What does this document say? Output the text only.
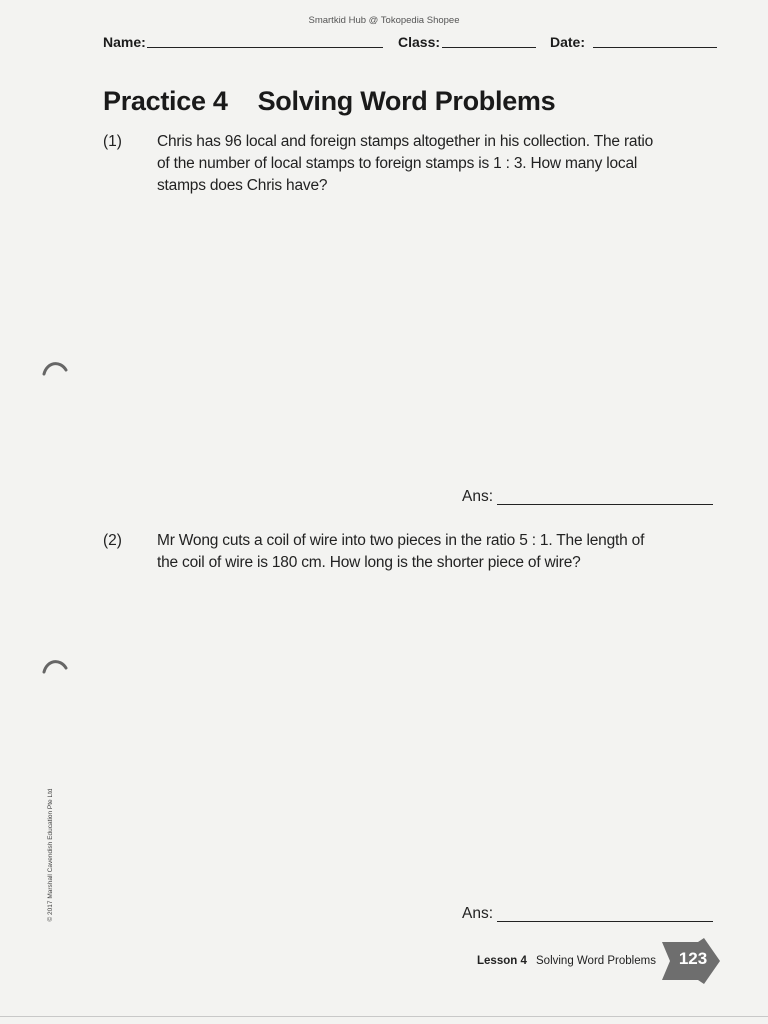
Smartkid Hub @ Tokopedia Shopee
Name:	Class:	Date:
Practice 4 Solving Word Problems
(1) Chris has 96 local and foreign stamps altogether in his collection. The ratio
of the number of local stamps to foreign stamps is 1 : 3. How many local
stamps does Chris have?
Ans:
(2) Mr Wong cuts a coil of wire into two pieces in the ratio 5 : 1. The length of
the coil of wire is 180 cm. How long is the shorter piece of wire?
Ans:
© 2017 Marshall Cavendish Education Pte Ltd
Lesson 4 Solving Word Problems	123
